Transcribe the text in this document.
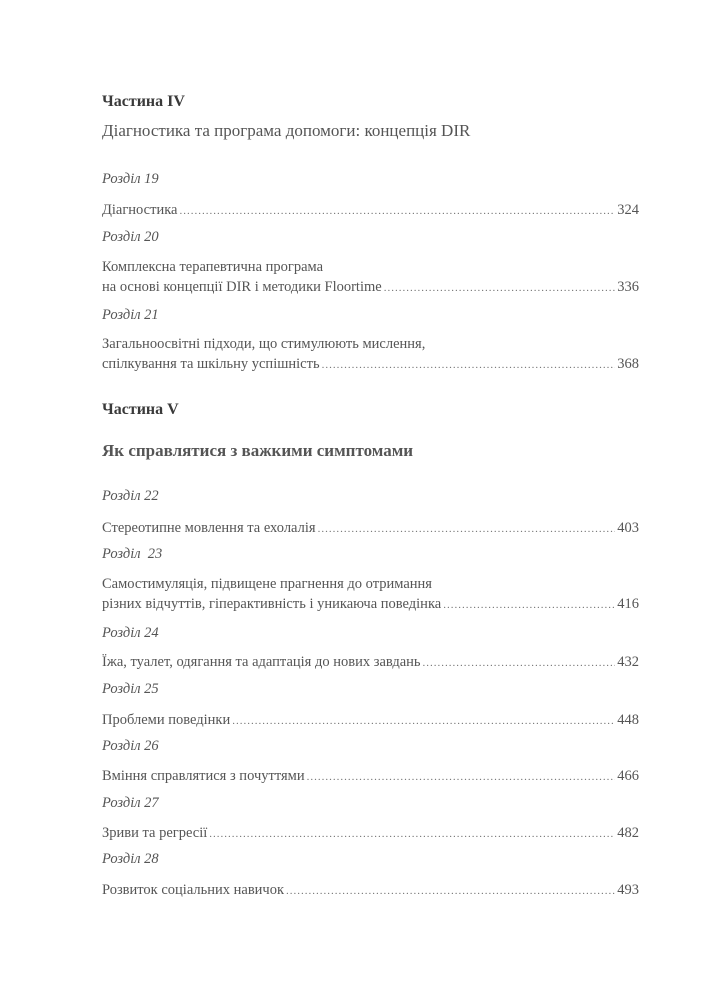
Частина IV
Діагностика та програма допомоги: концепція DIR
Розділ 19
Діагностика .....	324
Розділ 20
Комплексна терапевтична програма
на основі концепції DIR і методики Floortime .....	336
Розділ 21
Загальноосвітні підходи, що стимулюють мислення,
спілкування та шкільну успішність .....	368
Частина V
Як справлятися з важкими симптомами
Розділ 22
Стереотипне мовлення та ехолалія .....	403
Розділ  23
Самостимуляція, підвищене прагнення до отримання
різних відчуттів, гіперактивність і уникаюча поведінка .....	416
Розділ 24
Їжа, туалет, одягання та адаптація до нових завдань .....	432
Розділ 25
Проблеми поведінки .....	448
Розділ 26
Вміння справлятися з почуттями .....	466
Розділ 27
Зриви та регресії .....	482
Розділ 28
Розвиток соціальних навичок .....	493
